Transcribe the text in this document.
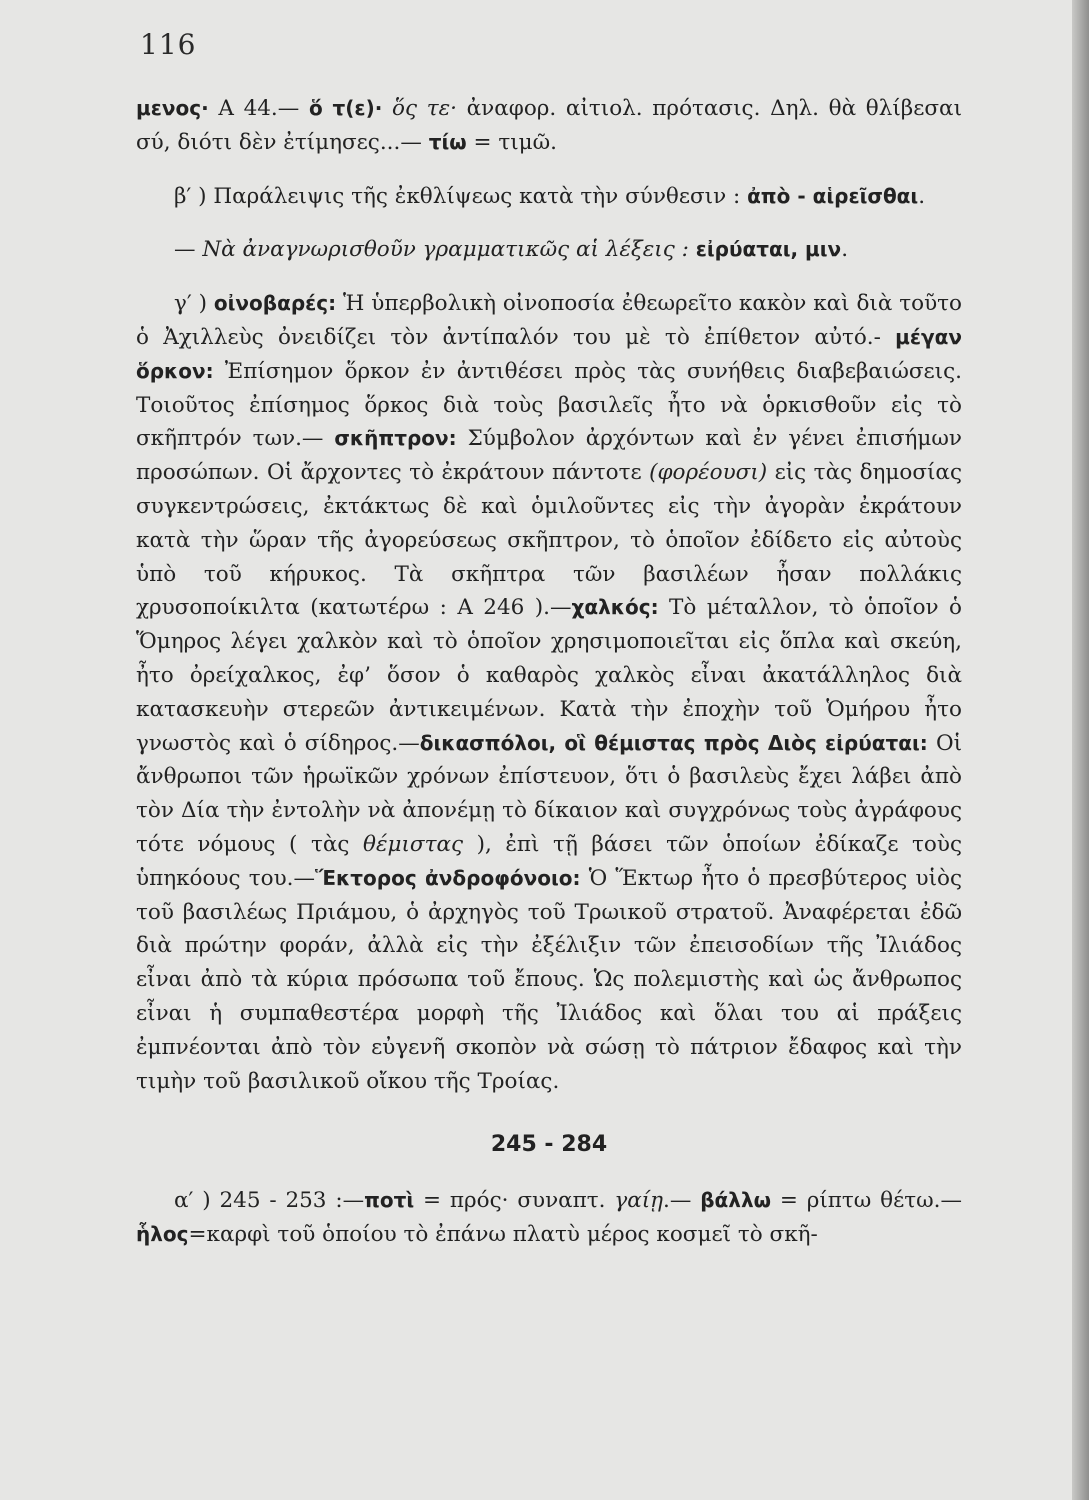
116

μενος· Α 44.— ὅ τ(ε)· ὅς τε· ἀναφορ. αἰτιολ. πρότασις. Δηλ. θὰ θλίβεσαι σύ, διότι δὲν ἐτίμησες...— τίω = τιμῶ.

β′ ) Παράλειψις τῆς ἐκθλίψεως κατὰ τὴν σύνθεσιν : ἀπὸ - αἱρεῖσθαι.

— Νὰ ἀναγνωρισθοῦν γραμματικῶς αἱ λέξεις : εἰρύαται, μιν.

γ′ ) οἰνοβαρές: Ἡ ὑπερβολικὴ οἰνοποσία ἐθεωρεῖτο κακὸν καὶ διὰ τοῦτο ὁ Ἀχιλλεὺς ὀνειδίζει τὸν ἀντίπαλόν του μὲ τὸ ἐπίθετον αὐτό.- μέγαν ὅρκον: Ἐπίσημον ὅρκον ἐν ἀντιθέσει πρὸς τὰς συνήθεις διαβεβαιώσεις. Τοιοῦτος ἐπίσημος ὅρκος διὰ τοὺς βασιλεῖς ἦτο νὰ ὁρκισθοῦν εἰς τὸ σκῆπτρόν των.— σκῆπτρον: Σύμβολον ἀρχόντων καὶ ἐν γένει ἐπισήμων προσώπων. Οἱ ἄρχοντες τὸ ἐκράτουν πάντοτε (φορέουσι) εἰς τὰς δημοσίας συγκεντρώσεις, ἐκτάκτως δὲ καὶ ὁμιλοῦντες εἰς τὴν ἀγορὰν ἐκράτουν κατὰ τὴν ὥραν τῆς ἀγορεύσεως σκῆπτρον, τὸ ὁποῖον ἐδίδετο εἰς αὐτοὺς ὑπὸ τοῦ κήρυκος. Τὰ σκῆπτρα τῶν βασιλέων ἦσαν πολλάκις χρυσοποίκιλτα (κατωτέρω : Α 246 ).—χαλκός: Τὸ μέταλλον, τὸ ὁποῖον ὁ Ὅμηρος λέγει χαλκὸν καὶ τὸ ὁποῖον χρησιμοποιεῖται εἰς ὅπλα καὶ σκεύη, ἦτο ὀρείχαλκος, ἐφ’ ὅσον ὁ καθαρὸς χαλκὸς εἶναι ἀκατάλληλος διὰ κατασκευὴν στερεῶν ἀντικειμένων. Κατὰ τὴν ἐποχὴν τοῦ Ὁμήρου ἦτο γνωστὸς καὶ ὁ σίδηρος.—δικασπόλοι, οἳ θέμιστας πρὸς Διὸς εἰρύαται: Οἱ ἄνθρωποι τῶν ἡρωϊκῶν χρόνων ἐπίστευον, ὅτι ὁ βασιλεὺς ἔχει λάβει ἀπὸ τὸν Δία τὴν ἐντολὴν νὰ ἀπονέμῃ τὸ δίκαιον καὶ συγχρόνως τοὺς ἀγράφους τότε νόμους ( τὰς θέμιστας ), ἐπὶ τῇ βάσει τῶν ὁποίων ἐδίκαζε τοὺς ὑπηκόους του.—Ἕκτορος ἀνδροφόνοιο: Ὁ Ἕκτωρ ἦτο ὁ πρεσβύτερος υἱὸς τοῦ βασιλέως Πριάμου, ὁ ἀρχηγὸς τοῦ Τρωικοῦ στρατοῦ. Ἀναφέρεται ἐδῶ διὰ πρώτην φοράν, ἀλλὰ εἰς τὴν ἐξέλιξιν τῶν ἐπεισοδίων τῆς Ἰλιάδος εἶναι ἀπὸ τὰ κύρια πρόσωπα τοῦ ἔπους. Ὡς πολεμιστὴς καὶ ὡς ἄνθρωπος εἶναι ἡ συμπαθεστέρα μορφὴ τῆς Ἰλιάδος καὶ ὅλαι του αἱ πράξεις ἐμπνέονται ἀπὸ τὸν εὐγενῆ σκοπὸν νὰ σώσῃ τὸ πάτριον ἔδαφος καὶ τὴν τιμὴν τοῦ βασιλικοῦ οἴκου τῆς Τροίας.

245 - 284

α′ ) 245 - 253 :—ποτὶ = πρός· συναπτ. γαίῃ.— βάλλω = ρίπτω θέτω.—ἧλος=καρφὶ τοῦ ὁποίου τὸ ἐπάνω πλατὺ μέρος κοσμεῖ τὸ σκῆ-
